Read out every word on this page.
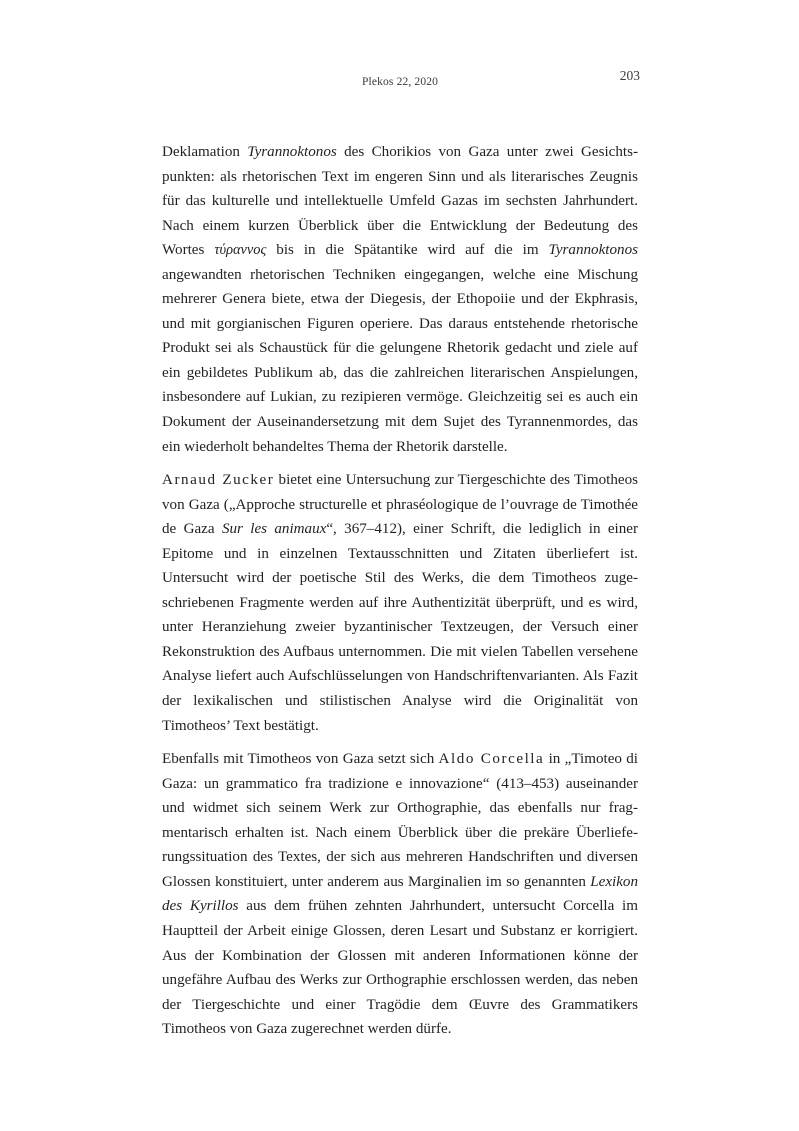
Plekos 22, 2020	203

Deklamation Tyrannoktonos des Chorikios von Gaza unter zwei Gesichtspunkten: als rhetorischen Text im engeren Sinn und als literarisches Zeugnis für das kulturelle und intellektuelle Umfeld Gazas im sechsten Jahrhundert. Nach einem kurzen Überblick über die Entwicklung der Bedeutung des Wortes τύραννος bis in die Spätantike wird auf die im Tyrannoktonos angewandten rhetorischen Techniken eingegangen, welche eine Mischung mehrerer Genera biete, etwa der Diegesis, der Ethopoiie und der Ekphrasis, und mit gorgianischen Figuren operiere. Das daraus entstehende rhetorische Produkt sei als Schaustück für die gelungene Rhetorik gedacht und ziele auf ein gebildetes Publikum ab, das die zahlreichen literarischen Anspielungen, insbesondere auf Lukian, zu rezipieren vermöge. Gleichzeitig sei es auch ein Dokument der Auseinandersetzung mit dem Sujet des Tyrannenmordes, das ein wiederholt behandeltes Thema der Rhetorik darstelle.

Arnaud Zucker bietet eine Untersuchung zur Tiergeschichte des Timotheos von Gaza („Approche structurelle et phraséologique de l’ouvrage de Timothée de Gaza Sur les animaux“, 367–412), einer Schrift, die lediglich in einer Epitome und in einzelnen Textausschnitten und Zitaten überliefert ist. Untersucht wird der poetische Stil des Werks, die dem Timotheos zugeschriebenen Fragmente werden auf ihre Authentizität überprüft, und es wird, unter Heranziehung zweier byzantinischer Textzeugen, der Versuch einer Rekonstruktion des Aufbaus unternommen. Die mit vielen Tabellen versehene Analyse liefert auch Aufschlüsselungen von Handschriftenvarianten. Als Fazit der lexikalischen und stilistischen Analyse wird die Originalität von Timotheos’ Text bestätigt.

Ebenfalls mit Timotheos von Gaza setzt sich Aldo Corcella in „Timoteo di Gaza: un grammatico fra tradizione e innovazione“ (413–453) auseinander und widmet sich seinem Werk zur Orthographie, das ebenfalls nur fragmentarisch erhalten ist. Nach einem Überblick über die prekäre Überlieferungssituation des Textes, der sich aus mehreren Handschriften und diversen Glossen konstituiert, unter anderem aus Marginalien im so genannten Lexikon des Kyrillos aus dem frühen zehnten Jahrhundert, untersucht Corcella im Hauptteil der Arbeit einige Glossen, deren Lesart und Substanz er korrigiert. Aus der Kombination der Glossen mit anderen Informationen könne der ungefähre Aufbau des Werks zur Orthographie erschlossen werden, das neben der Tiergeschichte und einer Tragödie dem Œuvre des Grammatikers Timotheos von Gaza zugerechnet werden dürfe.
